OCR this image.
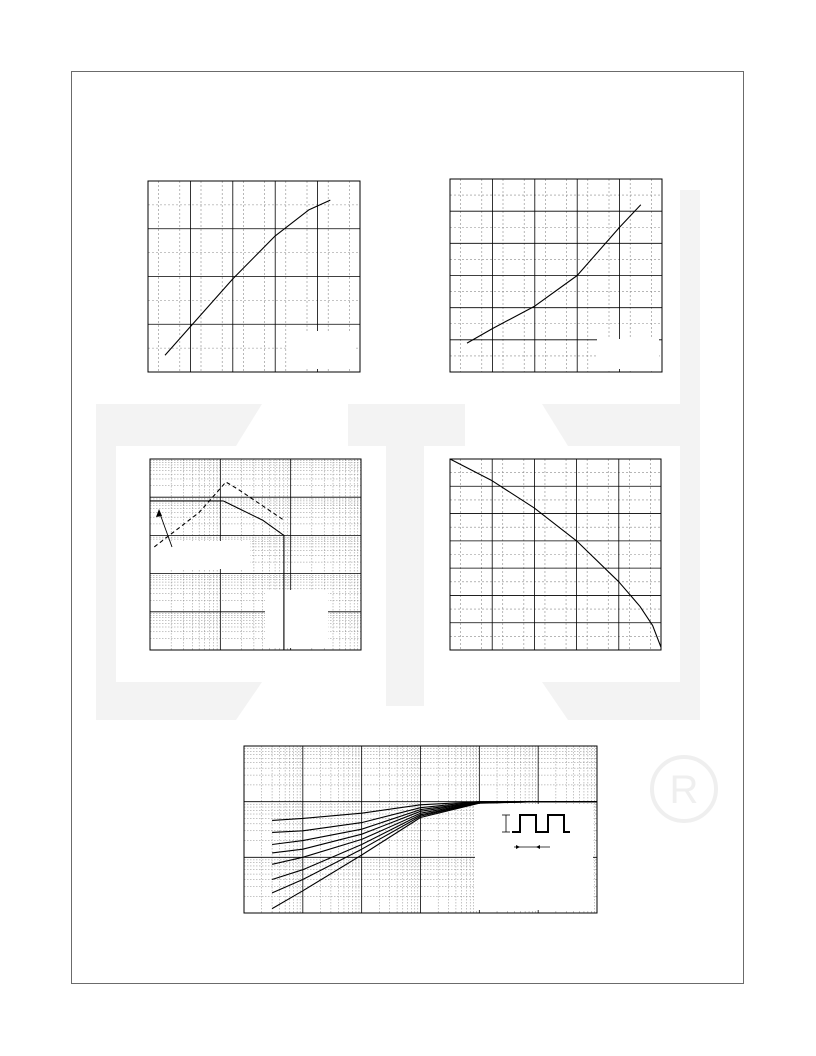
R
